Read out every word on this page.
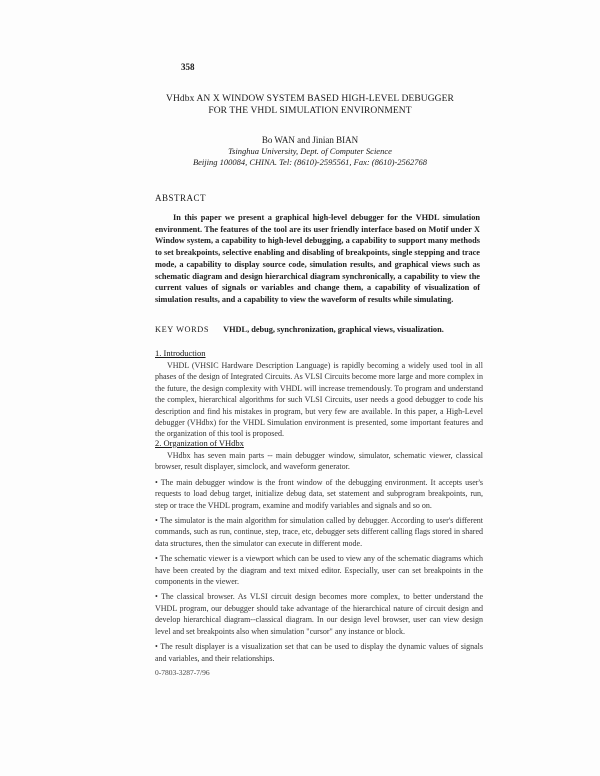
358
VHdbx AN X WINDOW SYSTEM BASED HIGH-LEVEL DEBUGGER
FOR THE VHDL SIMULATION ENVIRONMENT
Bo WAN and Jinian BIAN
Tsinghua University, Dept. of Computer Science
Beijing 100084, CHINA. Tel: (8610)-2595561, Fax: (8610)-2562768
ABSTRACT
In this paper we present a graphical high-level debugger for the VHDL simulation environment. The features of the tool are its user friendly interface based on Motif under X Window system, a capability to high-level debugging, a capability to support many methods to set breakpoints, selective enabling and disabling of breakpoints, single stepping and trace mode, a capability to display source code, simulation results, and graphical views such as schematic diagram and design hierarchical diagram synchronically, a capability to view the current values of signals or variables and change them, a capability of visualization of simulation results, and a capability to view the waveform of results while simulating.
KEY WORDS VHDL, debug, synchronization, graphical views, visualization.
1. Introduction

VHDL (VHSIC Hardware Description Language) is rapidly becoming a widely used tool in all phases of the design of Integrated Circuits. As VLSI Circuits become more large and more complex in the future, the design complexity with VHDL will increase tremendously. To program and understand the complex, hierarchical algorithms for such VLSI Circuits, user needs a good debugger to code his description and find his mistakes in program, but very few are available. In this paper, a High-Level debugger (VHdbx) for the VHDL Simulation environment is presented, some important features and the organization of this tool is proposed.

2. Organization of VHdbx

VHdbx has seven main parts -- main debugger window, simulator, schematic viewer, classical browser, result displayer, simclock, and waveform generator.

• The main debugger window is the front window of the debugging environment. It accepts user's requests to load debug target, initialize debug data, set statement and subprogram breakpoints, run, step or trace the VHDL program, examine and modify variables and signals and so on.

• The simulator is the main algorithm for simulation called by debugger. According to user's different commands, such as run, continue, step, trace, etc, debugger sets different calling flags stored in shared data structures, then the simulator can execute in different mode.

• The schematic viewer is a viewport which can be used to view any of the schematic diagrams which have been created by the diagram and text mixed editor. Especially, user can set breakpoints in the components in the viewer.

• The classical browser. As VLSI circuit design becomes more complex, to better understand the VHDL program, our debugger should take advantage of the hierarchical nature of circuit design and develop hierarchical diagram--classical diagram. In our design level browser, user can view design level and set breakpoints also when simulation "cursor" any instance or block.

• The result displayer is a visualization set that can be used to display the dynamic values of signals and variables, and their relationships.

0-7803-3287-7/96
